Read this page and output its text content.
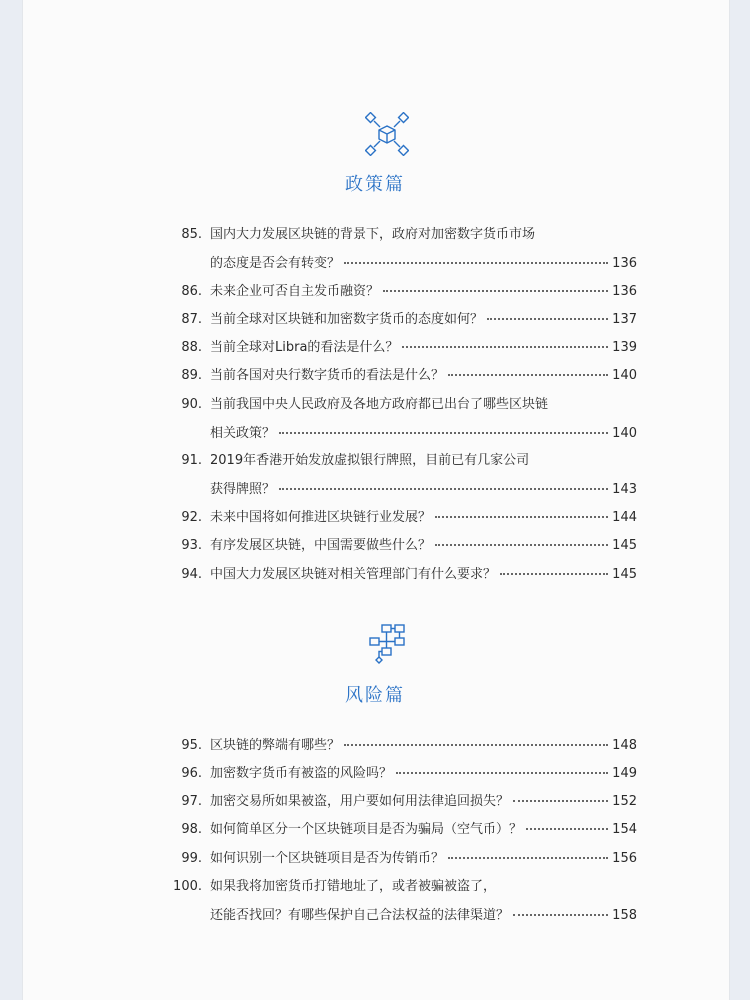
政策篇
85. 国内大力发展区块链的背景下，政府对加密数字货币市场
的态度是否会有转变？	136
86. 未来企业可否自主发币融资？	136
87. 当前全球对区块链和加密数字货币的态度如何？	137
88. 当前全球对Libra的看法是什么？	139
89. 当前各国对央行数字货币的看法是什么？	140
90. 当前我国中央人民政府及各地方政府都已出台了哪些区块链
相关政策？	140
91. 2019年香港开始发放虚拟银行牌照，目前已有几家公司
获得牌照？	143
92. 未来中国将如何推进区块链行业发展？	144
93. 有序发展区块链，中国需要做些什么？	145
94. 中国大力发展区块链对相关管理部门有什么要求？	145
风险篇
95. 区块链的弊端有哪些？	148
96. 加密数字货币有被盗的风险吗？	149
97. 加密交易所如果被盗，用户要如何用法律追回损失？	152
98. 如何简单区分一个区块链项目是否为骗局（空气币）？	154
99. 如何识别一个区块链项目是否为传销币？	156
100. 如果我将加密货币打错地址了，或者被骗被盗了，
还能否找回？有哪些保护自己合法权益的法律渠道？	158
